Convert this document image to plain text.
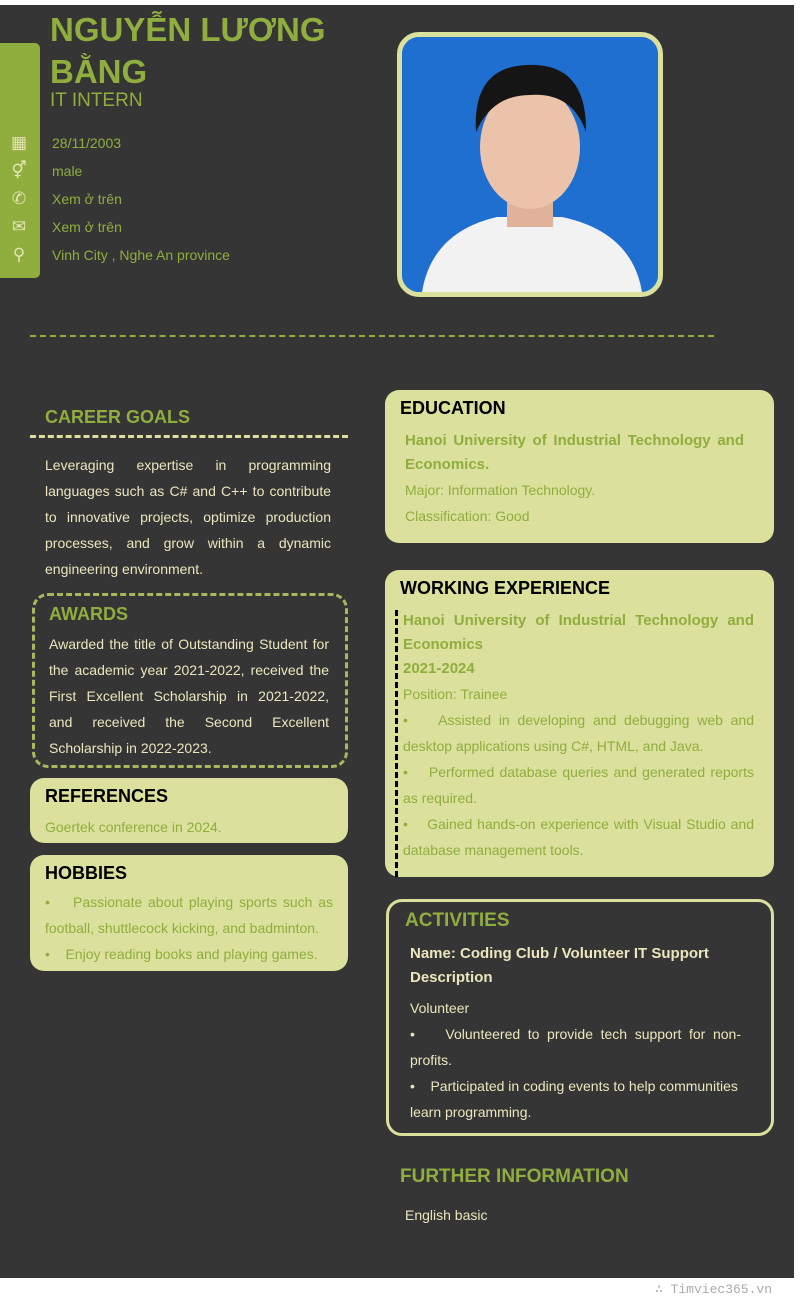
NGUYỄN LƯƠNG BẰNG
IT INTERN
▦
⚥
✆
✉
⚲
28/11/2003
male
Xem ở trên
Xem ở trên
Vinh City , Nghe An province
CAREER GOALS

Leveraging expertise in programming languages such as C# and C++ to contribute to innovative projects, optimize production processes, and grow within a dynamic engineering environment.

AWARDS

Awarded the title of Outstanding Student for the academic year 2021-2022, received the First Excellent Scholarship in 2021-2022, and received the Second Excellent Scholarship in 2022-2023.

REFERENCES
Goertek conference in 2024.
HOBBIES

•    Passionate about playing sports such as football, shuttlecock kicking, and badminton.

•    Enjoy reading books and playing games.

EDUCATION
Hanoi University of Industrial Technology and Economics.
Major: Information Technology.
Classification: Good
WORKING EXPERIENCE
Hanoi University of Industrial Technology and Economics
2021-2024
Position: Trainee

•    Assisted in developing and debugging web and desktop applications using C#, HTML, and Java.

•    Performed database queries and generated reports as required.

•    Gained hands-on experience with Visual Studio and database management tools.

ACTIVITIES
Name: Coding Club / Volunteer IT Support Description
Volunteer

•    Volunteered to provide tech support for non-profits.

•    Participated in coding events to help communities learn programming.

FURTHER INFORMATION
English basic
∴ Timviec365.vn
